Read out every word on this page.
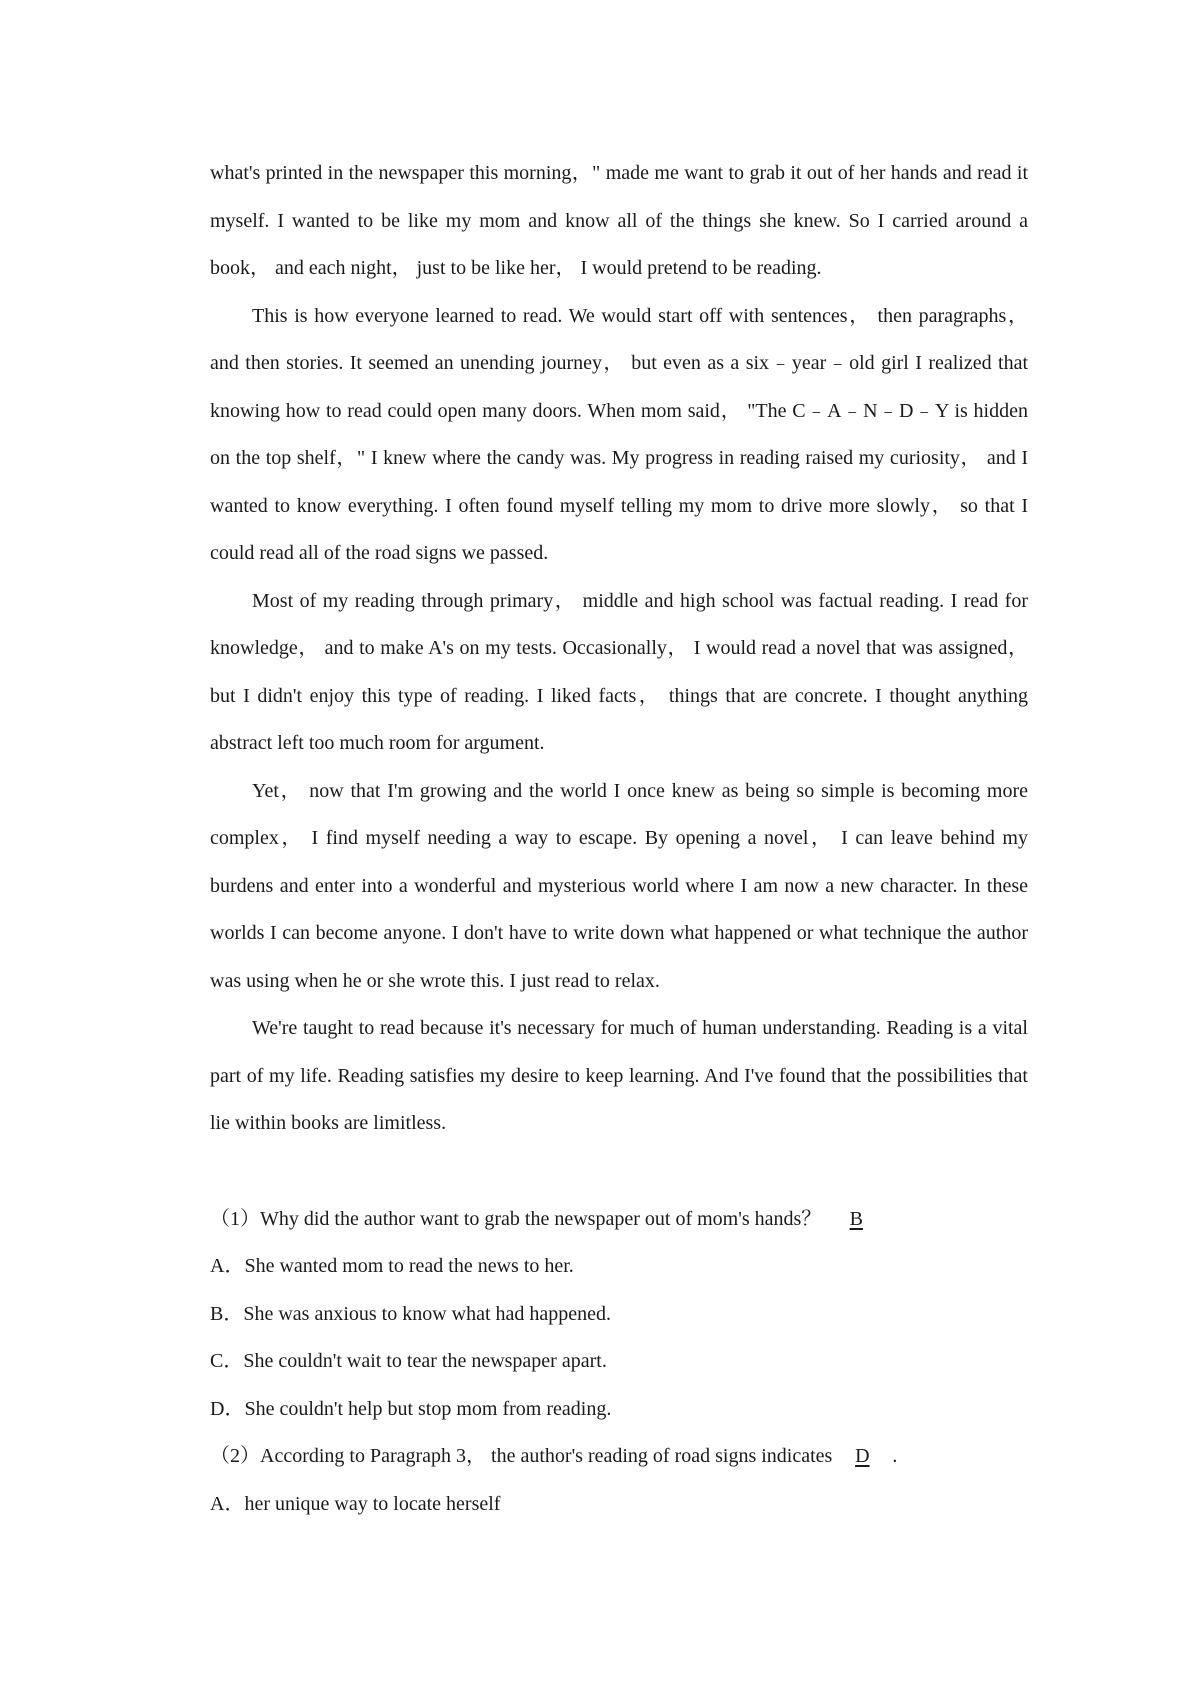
what's printed in the newspaper this morning，" made me want to grab it out of her hands and read it myself. I wanted to be like my mom and know all of the things she knew. So I carried around a book， and each night， just to be like her， I would pretend to be reading.

This is how everyone learned to read. We would start off with sentences， then paragraphs， and then stories. It seemed an unending journey， but even as a six﹣year﹣old girl I realized that knowing how to read could open many doors. When mom said， "The C﹣A﹣N﹣D﹣Y is hidden on the top shelf，" I knew where the candy was. My progress in reading raised my curiosity， and I wanted to know everything. I often found myself telling my mom to drive more slowly， so that I could read all of the road signs we passed.

Most of my reading through primary， middle and high school was factual reading. I read for knowledge， and to make A's on my tests. Occasionally， I would read a novel that was assigned， but I didn't enjoy this type of reading. I liked facts， things that are concrete. I thought anything abstract left too much room for argument.

Yet， now that I'm growing and the world I once knew as being so simple is becoming more complex， I find myself needing a way to escape. By opening a novel， I can leave behind my burdens and enter into a wonderful and mysterious world where I am now a new character. In these worlds I can become anyone. I don't have to write down what happened or what technique the author was using when he or she wrote this. I just read to relax.

We're taught to read because it's necessary for much of human understanding. Reading is a vital part of my life. Reading satisfies my desire to keep learning. And I've found that the possibilities that lie within books are limitless.

（1）Why did the author want to grab the newspaper out of mom's hands？ B

A．She wanted mom to read the news to her.

B．She was anxious to know what had happened.

C．She couldn't wait to tear the newspaper apart.

D．She couldn't help but stop mom from reading.

（2）According to Paragraph 3， the author's reading of road signs indicates D .

A．her unique way to locate herself
